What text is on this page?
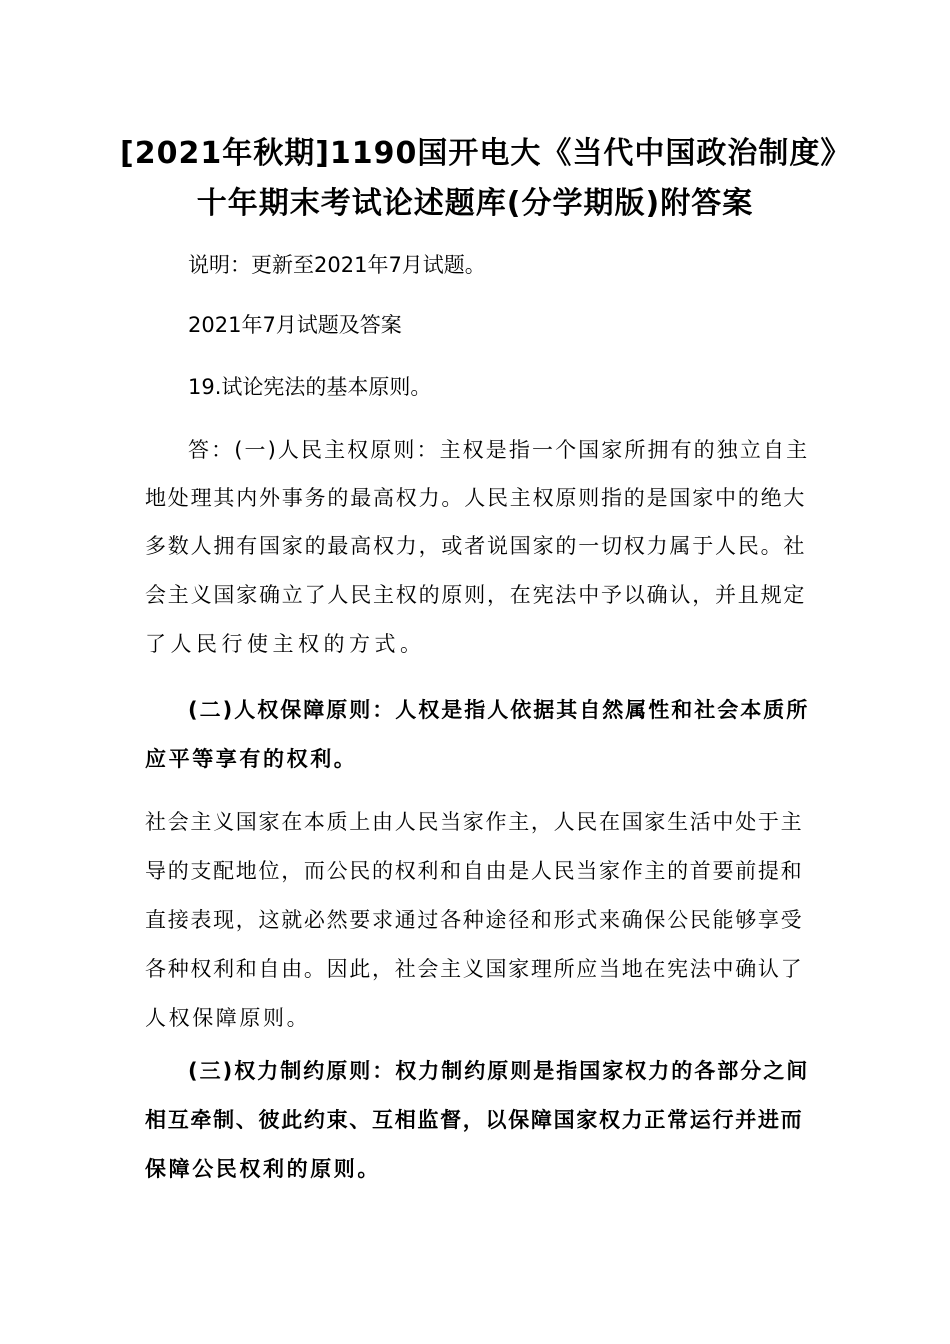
[2021年秋期]1190国开电大《当代中国政治制度》
十年期末考试论述题库(分学期版)附答案
说明：更新至2021年7月试题。
2021年7月试题及答案
19.试论宪法的基本原则。
答：(一)人民主权原则：主权是指一个国家所拥有的独立自主
地处理其内外事务的最高权力。人民主权原则指的是国家中的绝大
多数人拥有国家的最高权力，或者说国家的一切权力属于人民。社
会主义国家确立了人民主权的原则，在宪法中予以确认，并且规定
了人民行使主权的方式。
(二)人权保障原则：人权是指人依据其自然属性和社会本质所
应平等享有的权利。
社会主义国家在本质上由人民当家作主，人民在国家生活中处于主
导的支配地位，而公民的权利和自由是人民当家作主的首要前提和
直接表现，这就必然要求通过各种途径和形式来确保公民能够享受
各种权利和自由。因此，社会主义国家理所应当地在宪法中确认了
人权保障原则。
(三)权力制约原则：权力制约原则是指国家权力的各部分之间
相互牵制、彼此约束、互相监督，以保障国家权力正常运行并进而
保障公民权利的原则。
